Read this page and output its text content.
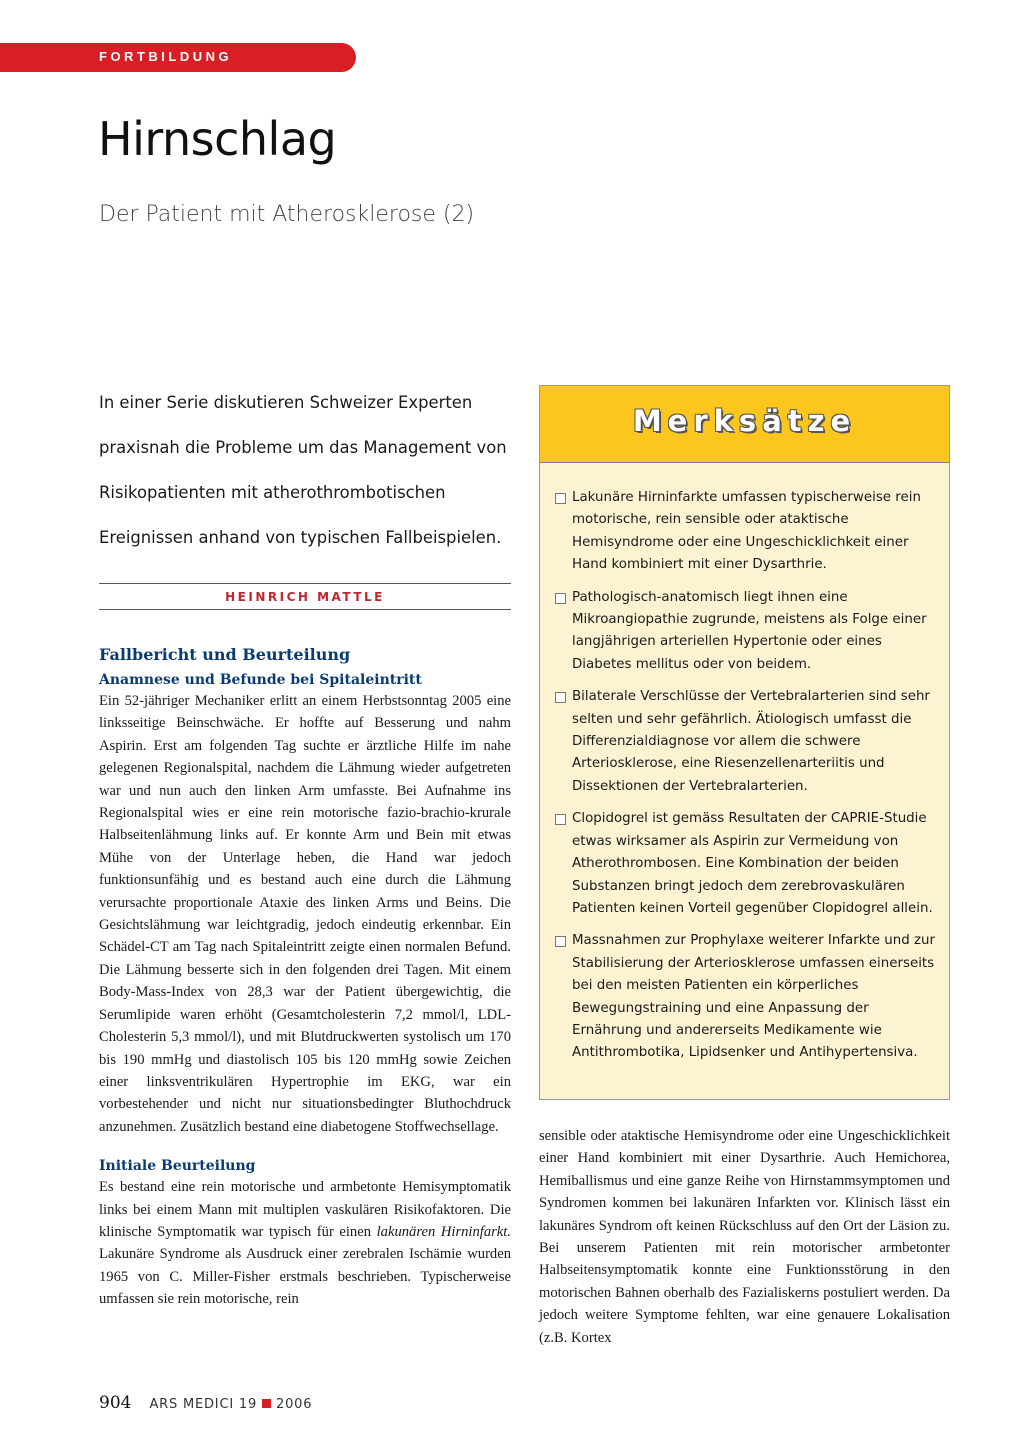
FORTBILDUNG
Hirnschlag
Der Patient mit Atherosklerose (2)

In einer Serie diskutieren Schweizer Experten praxisnah die Probleme um das Management von Risikopatienten mit atherothrombotischen Ereignissen anhand von typischen Fallbeispielen.

HEINRICH MATTLE
Fallbericht und Beurteilung
Anamnese und Befunde bei Spitaleintritt

Ein 52-jähriger Mechaniker erlitt an einem Herbstsonntag 2005 eine linksseitige Beinschwäche. Er hoffte auf Besserung und nahm Aspirin. Erst am folgenden Tag suchte er ärztliche Hilfe im nahe gelegenen Regionalspital, nachdem die Lähmung wieder aufgetreten war und nun auch den linken Arm umfasste. Bei Aufnahme ins Regionalspital wies er eine rein motorische fazio-brachio-krurale Halbseitenlähmung links auf. Er konnte Arm und Bein mit etwas Mühe von der Unterlage heben, die Hand war jedoch funktionsunfähig und es bestand auch eine durch die Lähmung verursachte proportionale Ataxie des linken Arms und Beins. Die Gesichtslähmung war leichtgradig, jedoch eindeutig erkennbar. Ein Schädel-CT am Tag nach Spitaleintritt zeigte einen normalen Befund. Die Lähmung besserte sich in den folgenden drei Tagen. Mit einem Body-Mass-Index von 28,3 war der Patient übergewichtig, die Serumlipide waren erhöht (Gesamtcholesterin 7,2 mmol/l, LDL-Cholesterin 5,3 mmol/l), und mit Blutdruckwerten systolisch um 170 bis 190 mmHg und diastolisch 105 bis 120 mmHg sowie Zeichen einer linksventrikulären Hypertrophie im EKG, war ein vorbestehender und nicht nur situationsbedingter Bluthochdruck anzunehmen. Zusätzlich bestand eine diabetogene Stoffwechsellage.

Initiale Beurteilung

Es bestand eine rein motorische und armbetonte Hemisymptomatik links bei einem Mann mit multiplen vaskulären Risikofaktoren. Die klinische Symptomatik war typisch für einen lakunären Hirninfarkt. Lakunäre Syndrome als Ausdruck einer zerebralen Ischämie wurden 1965 von C. Miller-Fisher erstmals beschrieben. Typischerweise umfassen sie rein motorische, rein

Merksätze
Lakunäre Hirninfarkte umfassen typischerweise rein motorische, rein sensible oder ataktische Hemisyndrome oder eine Ungeschicklichkeit einer Hand kombiniert mit einer Dysarthrie.
Pathologisch-anatomisch liegt ihnen eine Mikroangiopathie zugrunde, meistens als Folge einer langjährigen arteriellen Hypertonie oder eines Diabetes mellitus oder von beidem.
Bilaterale Verschlüsse der Vertebralarterien sind sehr selten und sehr gefährlich. Ätiologisch umfasst die Differenzialdiagnose vor allem die schwere Arteriosklerose, eine Riesenzellenarteriitis und Dissektionen der Vertebralarterien.
Clopidogrel ist gemäss Resultaten der CAPRIE-Studie etwas wirksamer als Aspirin zur Vermeidung von Atherothrombosen. Eine Kombination der beiden Substanzen bringt jedoch dem zerebrovaskulären Patienten keinen Vorteil gegenüber Clopidogrel allein.
Massnahmen zur Prophylaxe weiterer Infarkte und zur Stabilisierung der Arteriosklerose umfassen einerseits bei den meisten Patienten ein körperliches Bewegungstraining und eine Anpassung der Ernährung und andererseits Medikamente wie Antithrombotika, Lipidsenker und Antihypertensiva.

sensible oder ataktische Hemisyndrome oder eine Ungeschicklichkeit einer Hand kombiniert mit einer Dysarthrie. Auch Hemichorea, Hemiballismus und eine ganze Reihe von Hirnstammsymptomen und Syndromen kommen bei lakunären Infarkten vor. Klinisch lässt ein lakunäres Syndrom oft keinen Rückschluss auf den Ort der Läsion zu. Bei unserem Patienten mit rein motorischer armbetonter Halbseitensymptomatik konnte eine Funktionsstörung in den motorischen Bahnen oberhalb des Fazialiskerns postuliert werden. Da jedoch weitere Symptome fehlten, war eine genauere Lokalisation (z.B. Kortex

904 ARS MEDICI 19 2006
